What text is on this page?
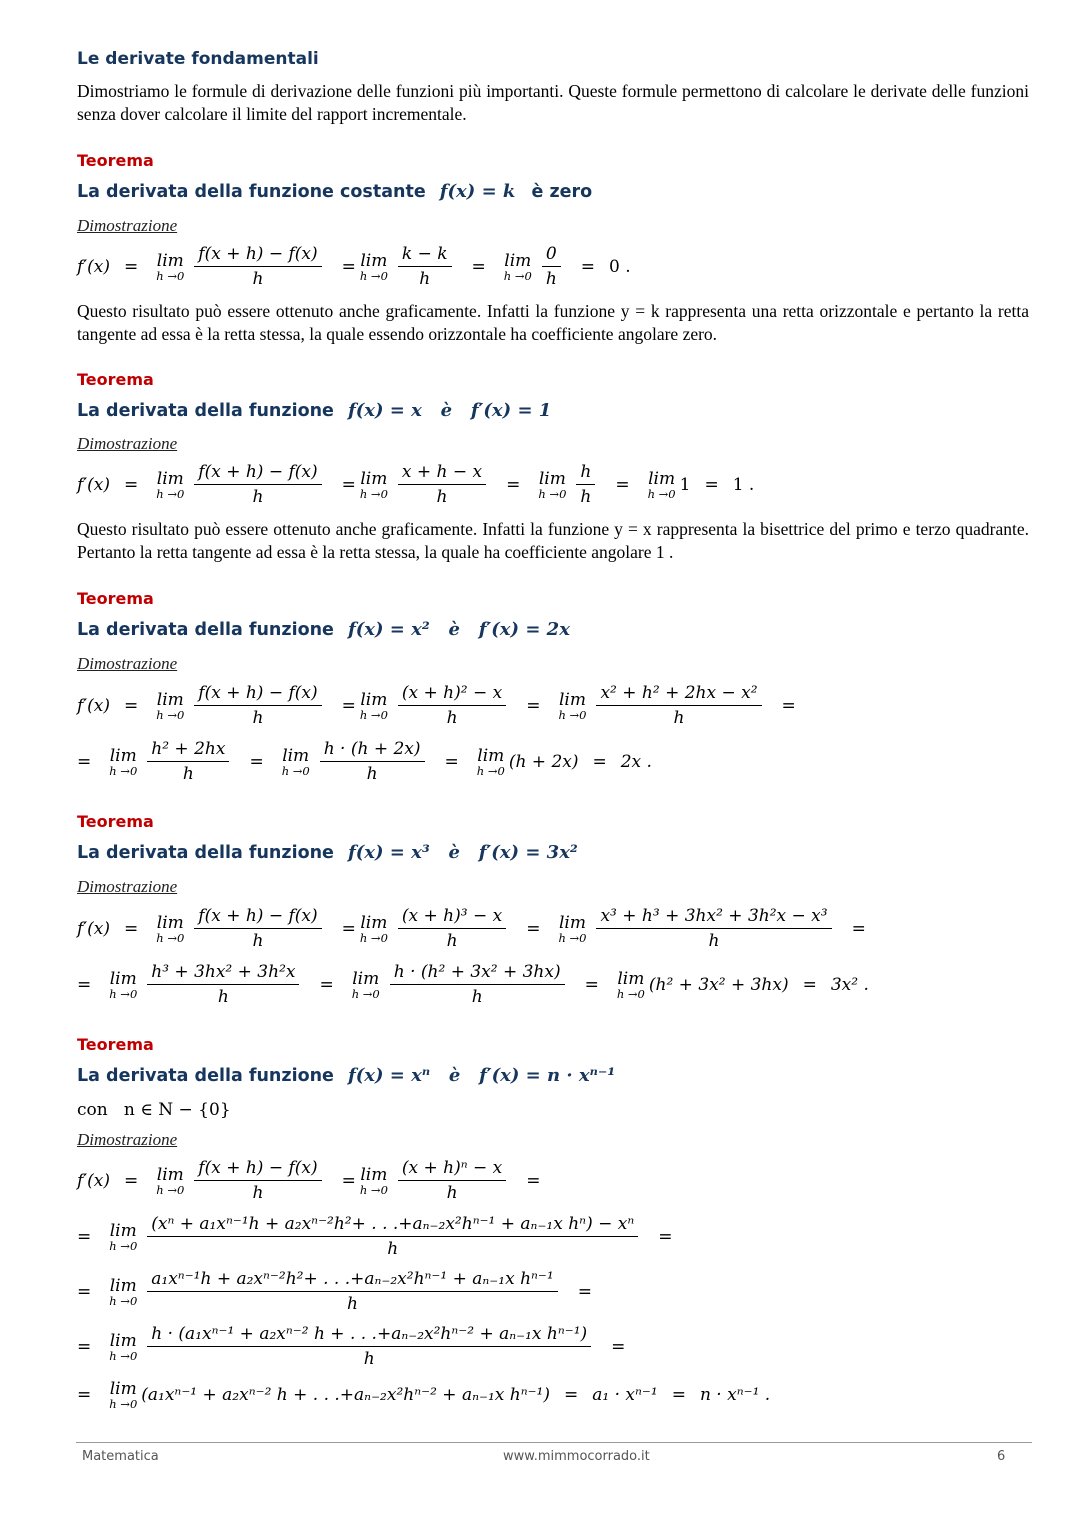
Le derivate fondamentali
Dimostriamo le formule di derivazione delle funzioni più importanti. Queste formule permettono di calcolare le derivate delle funzioni senza dover calcolare il limite del rapport incrementale.
Teorema
La derivata della funzione costante f(x) = k è zero
Dimostrazione
f′(x) = lim
$h \to 0 \frac{f(x + h) - f(x)}{h} = \lim$
$h \to 0 \frac{k - k}{h} = \lim$
$h \to 0 \frac{0}{h} = 0$ .
Questo risultato può essere ottenuto anche graficamente. Infatti la funzione y = k rappresenta una retta orizzontale e pertanto la retta tangente ad essa è la retta stessa, la quale essendo orizzontale ha coefficiente angolare zero.
Teorema
La derivata della funzione f(x) = x   è   f′(x) = 1
Dimostrazione
f′(x) = lim
$h \to 0 \frac{f(x + h) - f(x)}{h} = \lim$
$h \to 0 \frac{x + h - x}{h} = \lim$
$h \to 0 \frac{h}{h} = \lim$
h →0 1 = 1 .
Questo risultato può essere ottenuto anche graficamente. Infatti la funzione y = x rappresenta la bisettrice del primo e terzo quadrante. Pertanto la retta tangente ad essa è la retta stessa, la quale ha coefficiente angolare 1 .
Teorema
La derivata della funzione f(x) = x²   è   f′(x) = 2x
Dimostrazione
f′(x) = lim
$h \to 0 \frac{f(x + h) - f(x)}{h} = \lim$
$h \to 0 \frac{\text{(x + h)² − x}}{h} = \lim$
$h \to 0 \frac{\text{x² + h² + 2hx − x²}}{h}$ =
= lim
$h \to 0 \frac{\text{h² + 2hx}}{h} = \lim$
$h \to 0 \frac{h \cdot (h + 2x)}{h} = \lim$
h →0 (h + 2x) = 2x .
Teorema
La derivata della funzione f(x) = x³   è   f′(x) = 3x²
Dimostrazione
f′(x) = lim
$h \to 0 \frac{f(x + h) - f(x)}{h} = \lim$
$h \to 0 \frac{\text{(x + h)³ − x}}{h} = \lim$
$h \to 0 \frac{\text{x³ + h³ + 3hx² + 3h²x − x³}}{h}$ =
= lim
$h \to 0 \frac{\text{h³ + 3hx² + 3h²x}}{h} = \lim$
$h \to 0 \frac{\text{h · (h² + 3x² + 3hx)}}{h} = \lim$
h →0 (h² + 3x² + 3hx) = 3x² .
Teorema
La derivata della funzione f(x) = xⁿ   è   f′(x) = n · xⁿ⁻¹
con   n ∈ N − {0}
Dimostrazione
f′(x) = lim
$h \to 0 \frac{f(x + h) - f(x)}{h} = \lim$
$h \to 0 \frac{\text{(x + h)ⁿ − x}}{h}$ =
= lim
$h \to 0 \frac{\text{(xⁿ + a₁xⁿ⁻¹h + a₂xⁿ⁻²h²+ . . .+aₙ₋₂x²hⁿ⁻¹ + aₙ₋₁x hⁿ) − xⁿ}}{h}$ =
= lim
$h \to 0 \frac{\text{a₁xⁿ⁻¹h + a₂xⁿ⁻²h²+ . . .+aₙ₋₂x²hⁿ⁻¹ + aₙ₋₁x hⁿ⁻¹}}{h}$ =
= lim
$h \to 0 \frac{\text{h · (a₁xⁿ⁻¹ + a₂xⁿ⁻² h + . . .+aₙ₋₂x²hⁿ⁻² + aₙ₋₁x hⁿ⁻¹)}}{h}$ =
= lim
h →0 (a₁xⁿ⁻¹ + a₂xⁿ⁻² h + . . .+aₙ₋₂x²hⁿ⁻² + aₙ₋₁x hⁿ⁻¹) = a₁ · xⁿ⁻¹ = n · xⁿ⁻¹ .
Matematica	www.mimmocorrado.it	6
